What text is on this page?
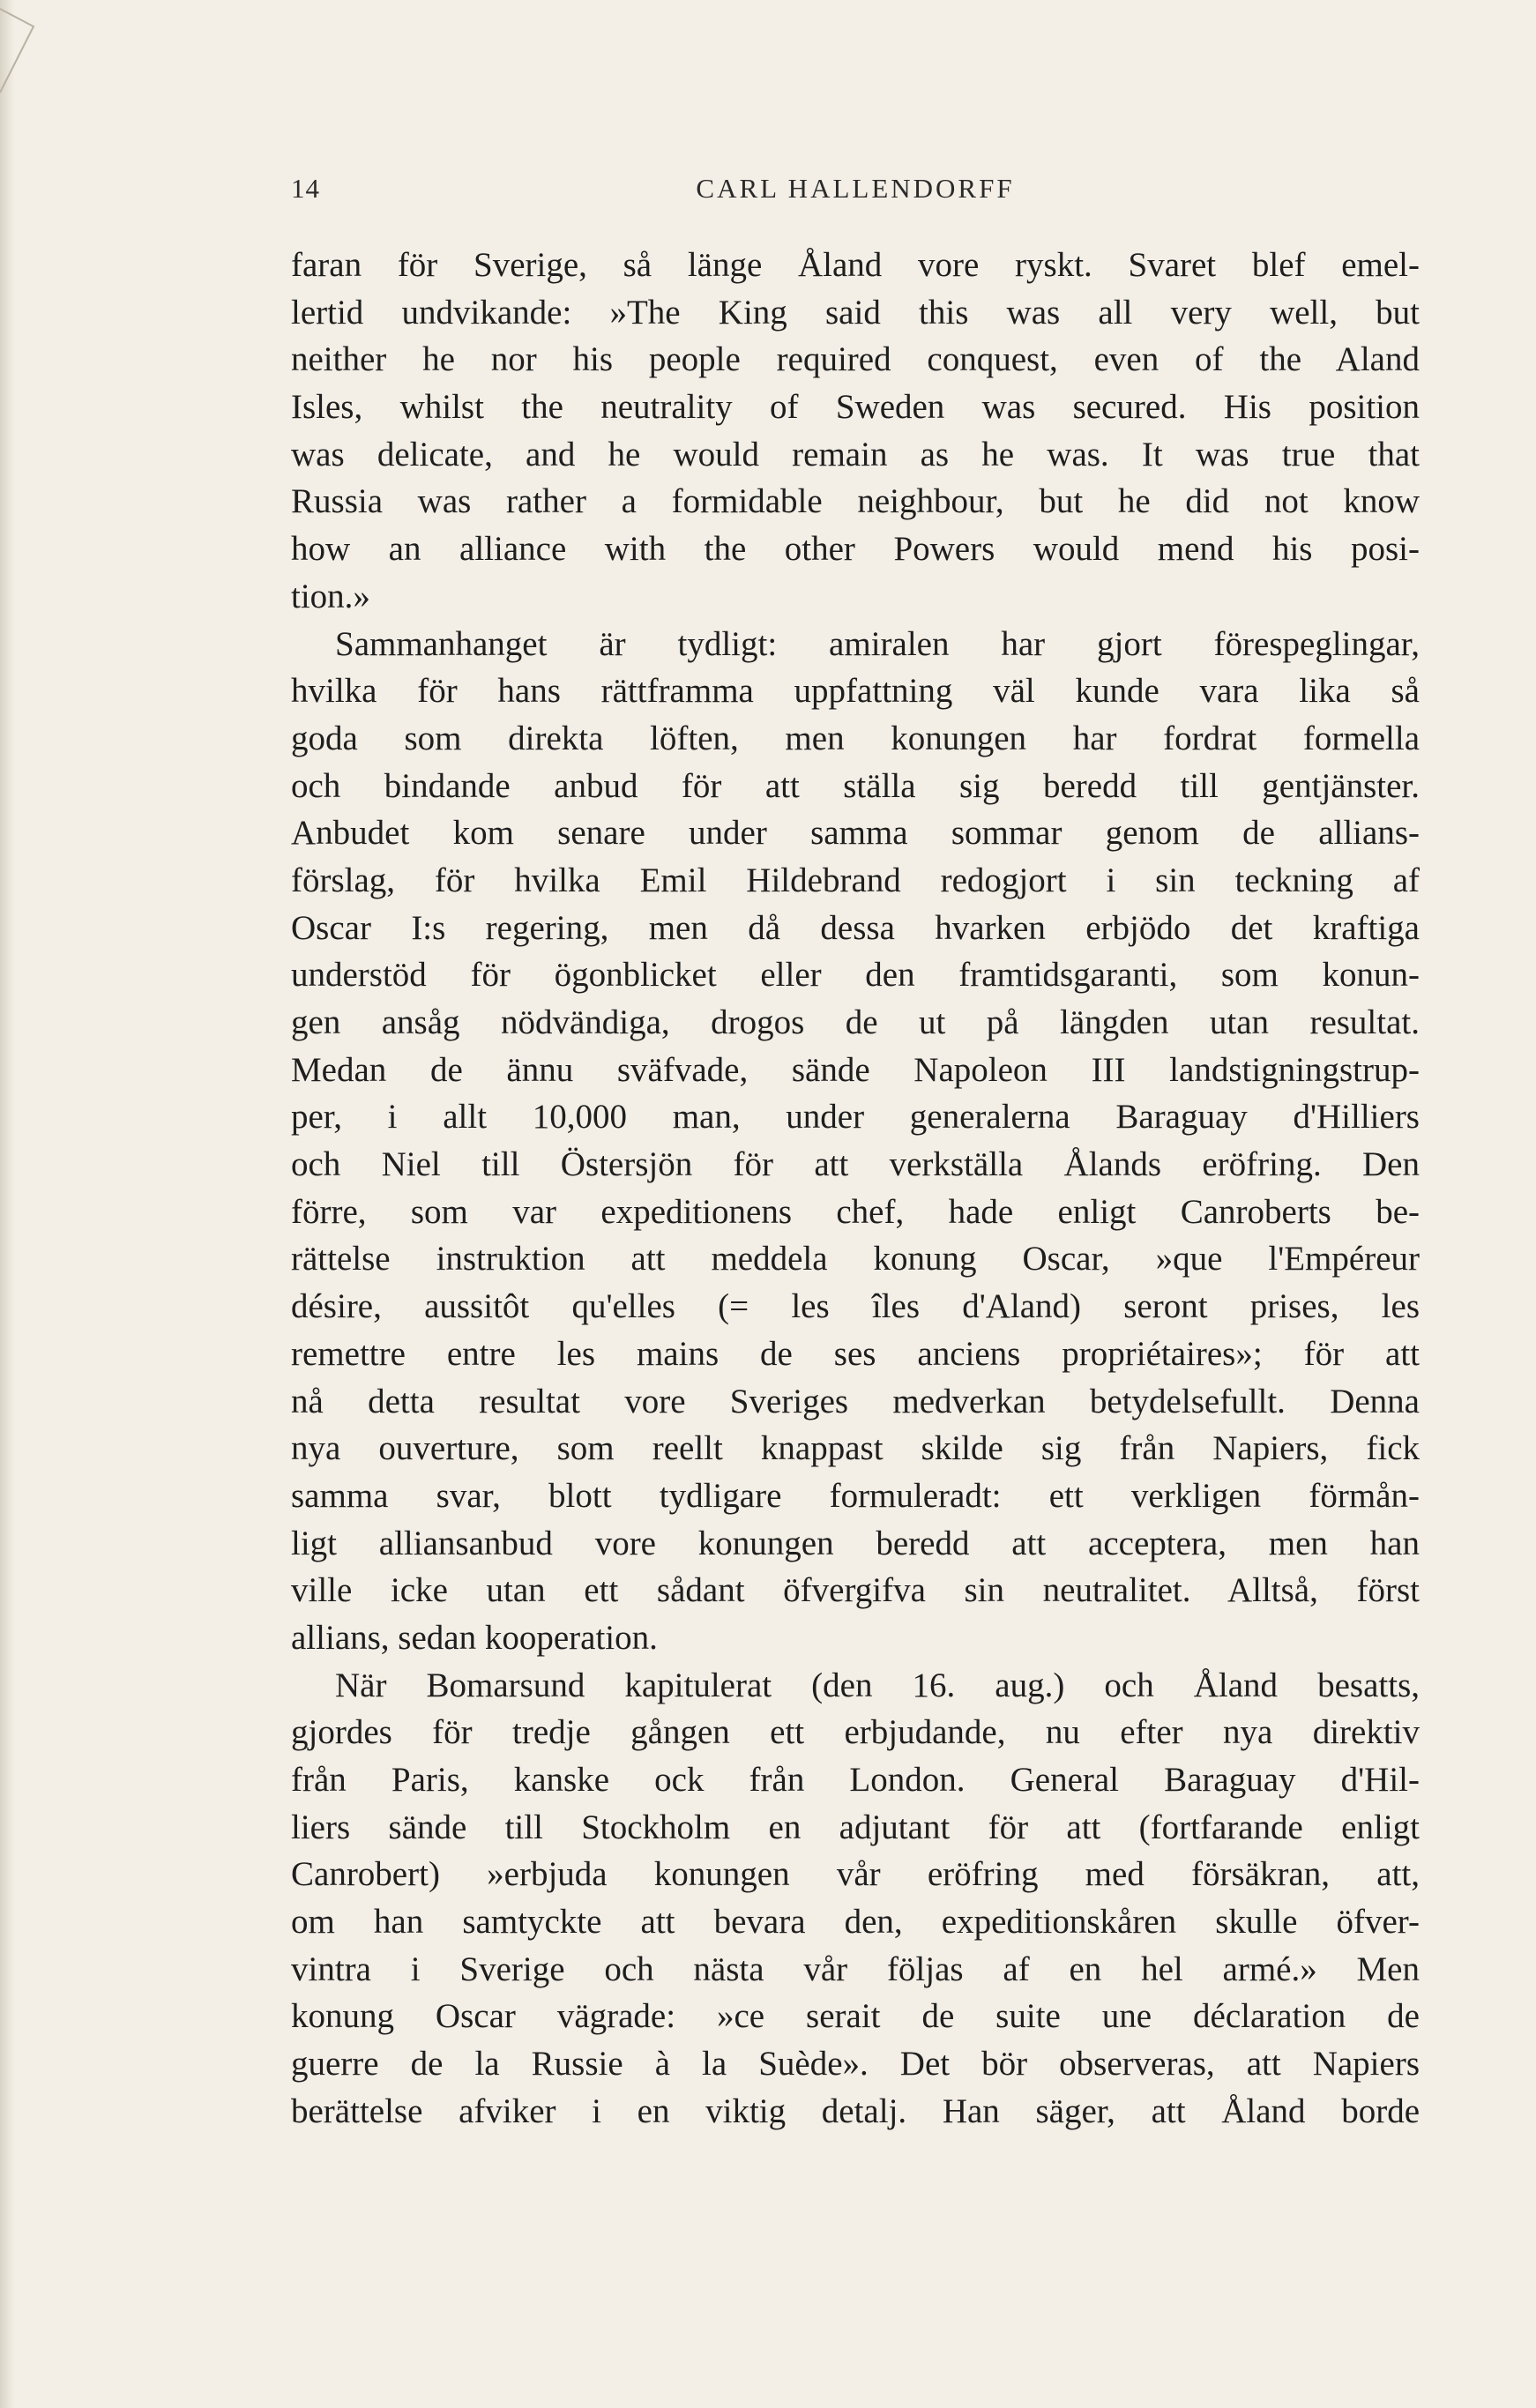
14	CARL HALLENDORFF
faran för Sverige, så länge Åland vore ryskt. Svaret blef emel-
lertid undvikande: »The King said this was all very well, but
neither he nor his people required conquest, even of the Aland
Isles, whilst the neutrality of Sweden was secured. His position
was delicate, and he would remain as he was. It was true that
Russia was rather a formidable neighbour, but he did not know
how an alliance with the other Powers would mend his posi-
tion.»
Sammanhanget är tydligt: amiralen har gjort förespeglingar,
hvilka för hans rättframma uppfattning väl kunde vara lika så
goda som direkta löften, men konungen har fordrat formella
och bindande anbud för att ställa sig beredd till gentjänster.
Anbudet kom senare under samma sommar genom de allians-
förslag, för hvilka Emil Hildebrand redogjort i sin teckning af
Oscar I:s regering, men då dessa hvarken erbjödo det kraftiga
understöd för ögonblicket eller den framtidsgaranti, som konun-
gen ansåg nödvändiga, drogos de ut på längden utan resultat.
Medan de ännu sväfvade, sände Napoleon III landstigningstrup-
per, i allt 10,000 man, under generalerna Baraguay d'Hilliers
och Niel till Östersjön för att verkställa Ålands eröfring. Den
förre, som var expeditionens chef, hade enligt Canroberts be-
rättelse instruktion att meddela konung Oscar, »que l'Empéreur
désire, aussitôt qu'elles (= les îles d'Aland) seront prises, les
remettre entre les mains de ses anciens propriétaires»; för att
nå detta resultat vore Sveriges medverkan betydelsefullt. Denna
nya ouverture, som reellt knappast skilde sig från Napiers, fick
samma svar, blott tydligare formuleradt: ett verkligen förmån-
ligt alliansanbud vore konungen beredd att acceptera, men han
ville icke utan ett sådant öfvergifva sin neutralitet. Alltså, först
allians, sedan kooperation.
När Bomarsund kapitulerat (den 16. aug.) och Åland besatts,
gjordes för tredje gången ett erbjudande, nu efter nya direktiv
från Paris, kanske ock från London. General Baraguay d'Hil-
liers sände till Stockholm en adjutant för att (fortfarande enligt
Canrobert) »erbjuda konungen vår eröfring med försäkran, att,
om han samtyckte att bevara den, expeditionskåren skulle öfver-
vintra i Sverige och nästa vår följas af en hel armé.» Men
konung Oscar vägrade: »ce serait de suite une déclaration de
guerre de la Russie à la Suède». Det bör observeras, att Napiers
berättelse afviker i en viktig detalj. Han säger, att Åland borde
